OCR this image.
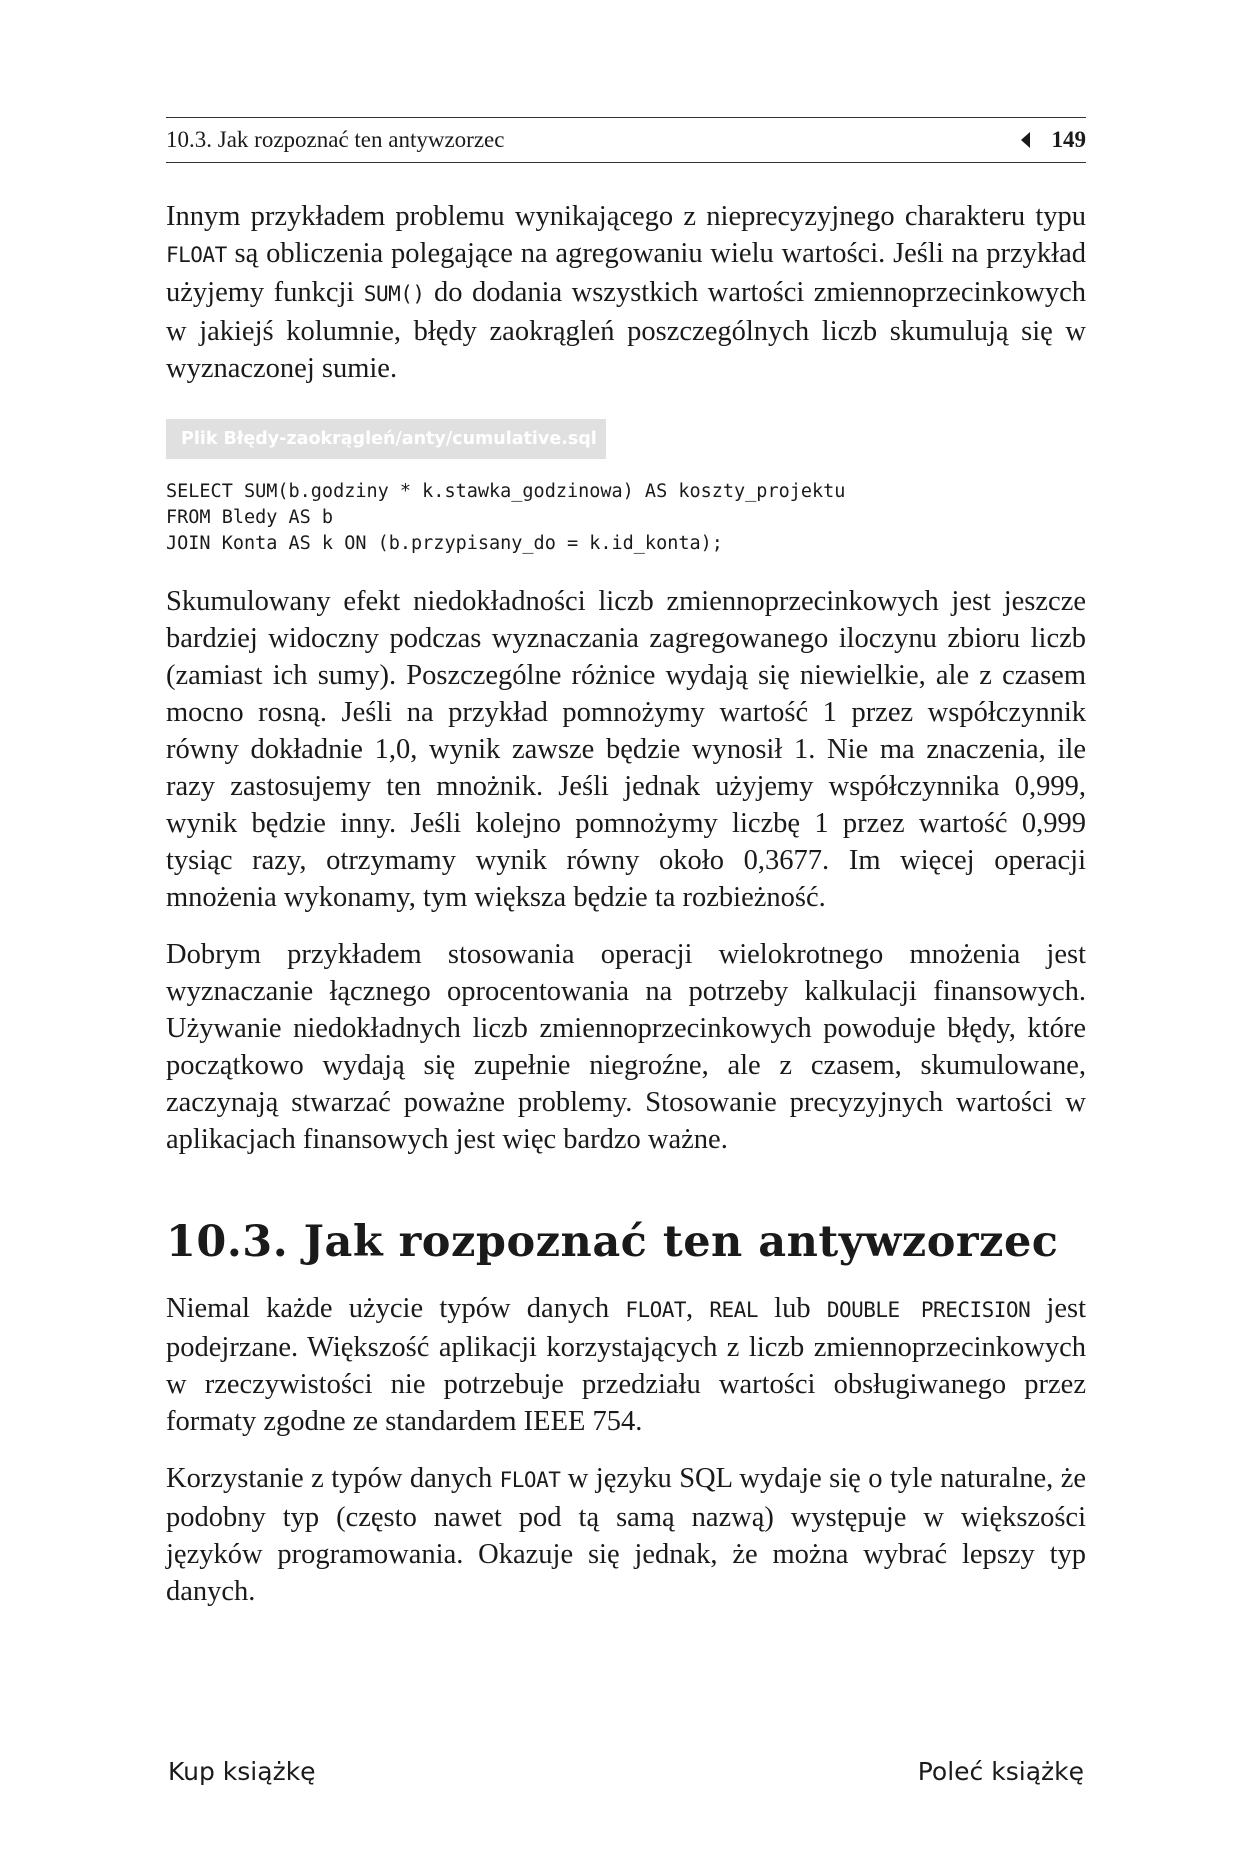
10.3. Jak rozpoznać ten antywzorzec	149

Innym przykładem problemu wynikającego z nieprecyzyjnego charakteru typu FLOAT są obliczenia polegające na agregowaniu wielu wartości. Jeśli na przykład użyjemy funkcji SUM() do dodania wszystkich wartości zmiennoprzecinkowych w jakiejś kolumnie, błędy zaokrągleń poszczególnych liczb skumulują się w wyznaczonej sumie.

Plik Błędy-zaokrągleń/anty/cumulative.sql
SELECT SUM(b.godziny * k.stawka_godzinowa) AS koszty_projektu
FROM Bledy AS b
JOIN Konta AS k ON (b.przypisany_do = k.id_konta);

Skumulowany efekt niedokładności liczb zmiennoprzecinkowych jest jeszcze bardziej widoczny podczas wyznaczania zagregowanego iloczynu zbioru liczb (zamiast ich sumy). Poszczególne różnice wydają się niewielkie, ale z czasem mocno rosną. Jeśli na przykład pomnożymy wartość 1 przez współczynnik równy dokładnie 1,0, wynik zawsze będzie wynosił 1. Nie ma znaczenia, ile razy zastosujemy ten mnożnik. Jeśli jednak użyjemy współczynnika 0,999, wynik będzie inny. Jeśli kolejno pomnożymy liczbę 1 przez wartość 0,999 tysiąc razy, otrzymamy wynik równy około 0,3677. Im więcej operacji mnożenia wykonamy, tym większa będzie ta rozbieżność.

Dobrym przykładem stosowania operacji wielokrotnego mnożenia jest wyznaczanie łącznego oprocentowania na potrzeby kalkulacji finansowych. Używanie niedokładnych liczb zmiennoprzecinkowych powoduje błędy, które początkowo wydają się zupełnie niegroźne, ale z czasem, skumulowane, zaczynają stwarzać poważne problemy. Stosowanie precyzyjnych wartości w aplikacjach finansowych jest więc bardzo ważne.

10.3. Jak rozpoznać ten antywzorzec

Niemal każde użycie typów danych FLOAT, REAL lub DOUBLE PRECISION jest podejrzane. Większość aplikacji korzystających z liczb zmiennoprzecinkowych w rzeczywistości nie potrzebuje przedziału wartości obsługiwanego przez formaty zgodne ze standardem IEEE 754.

Korzystanie z typów danych FLOAT w języku SQL wydaje się o tyle naturalne, że podobny typ (często nawet pod tą samą nazwą) występuje w większości języków programowania. Okazuje się jednak, że można wybrać lepszy typ danych.

Kup książkę	Poleć książkę
